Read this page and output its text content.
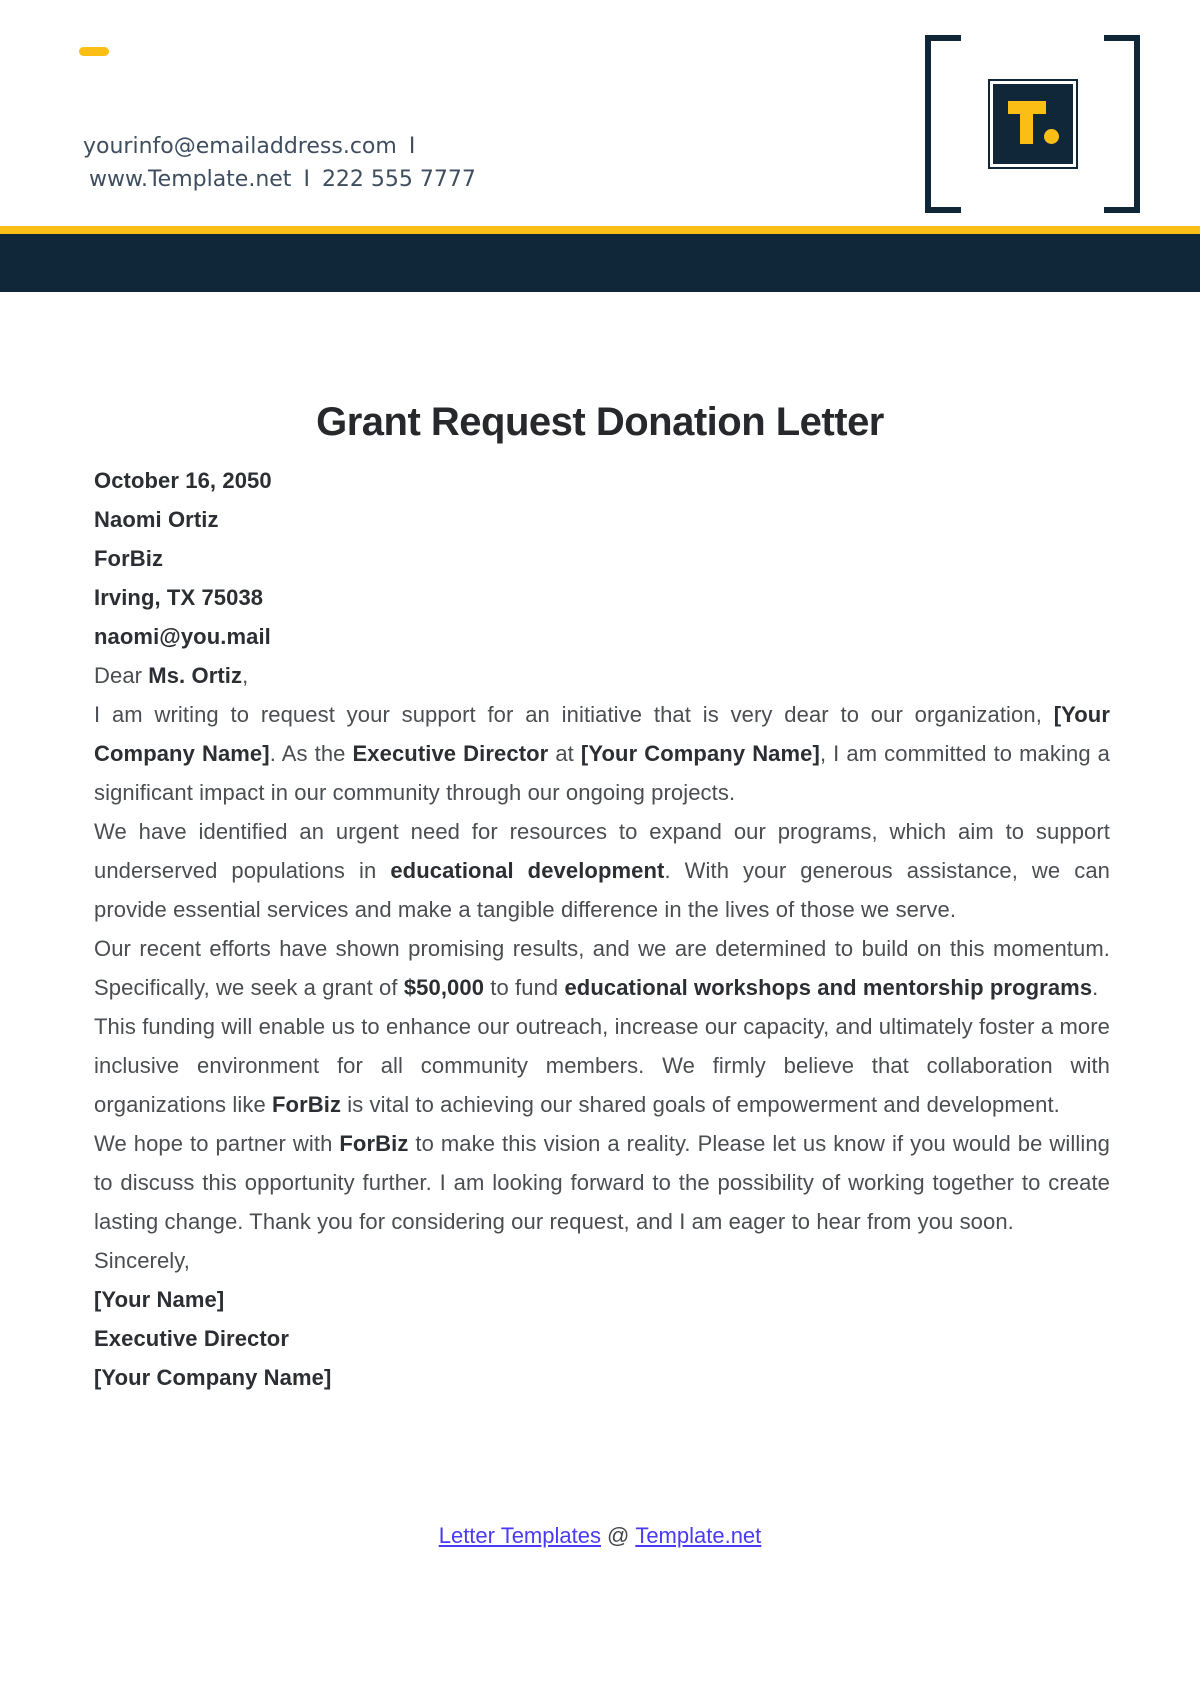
yourinfo@emailaddress.com I
www.Template.net I 222 555 7777
Grant Request Donation Letter
October 16, 2050
Naomi Ortiz
ForBiz
Irving, TX 75038
naomi@you.mail

Dear Ms. Ortiz,

I am writing to request your support for an initiative that is very dear to our organization, [Your Company Name]. As the Executive Director at [Your Company Name], I am committed to making a significant impact in our community through our ongoing projects.

We have identified an urgent need for resources to expand our programs, which aim to support underserved populations in educational development. With your generous assistance, we can provide essential services and make a tangible difference in the lives of those we serve.

Our recent efforts have shown promising results, and we are determined to build on this momentum. Specifically, we seek a grant of $50,000 to fund educational workshops and mentorship programs.

This funding will enable us to enhance our outreach, increase our capacity, and ultimately foster a more inclusive environment for all community members. We firmly believe that collaboration with organizations like ForBiz is vital to achieving our shared goals of empowerment and development.

We hope to partner with ForBiz to make this vision a reality. Please let us know if you would be willing to discuss this opportunity further. I am looking forward to the possibility of working together to create lasting change. Thank you for considering our request, and I am eager to hear from you soon.

Sincerely,

[Your Name]
Executive Director
[Your Company Name]
Letter Templates @ Template.net
